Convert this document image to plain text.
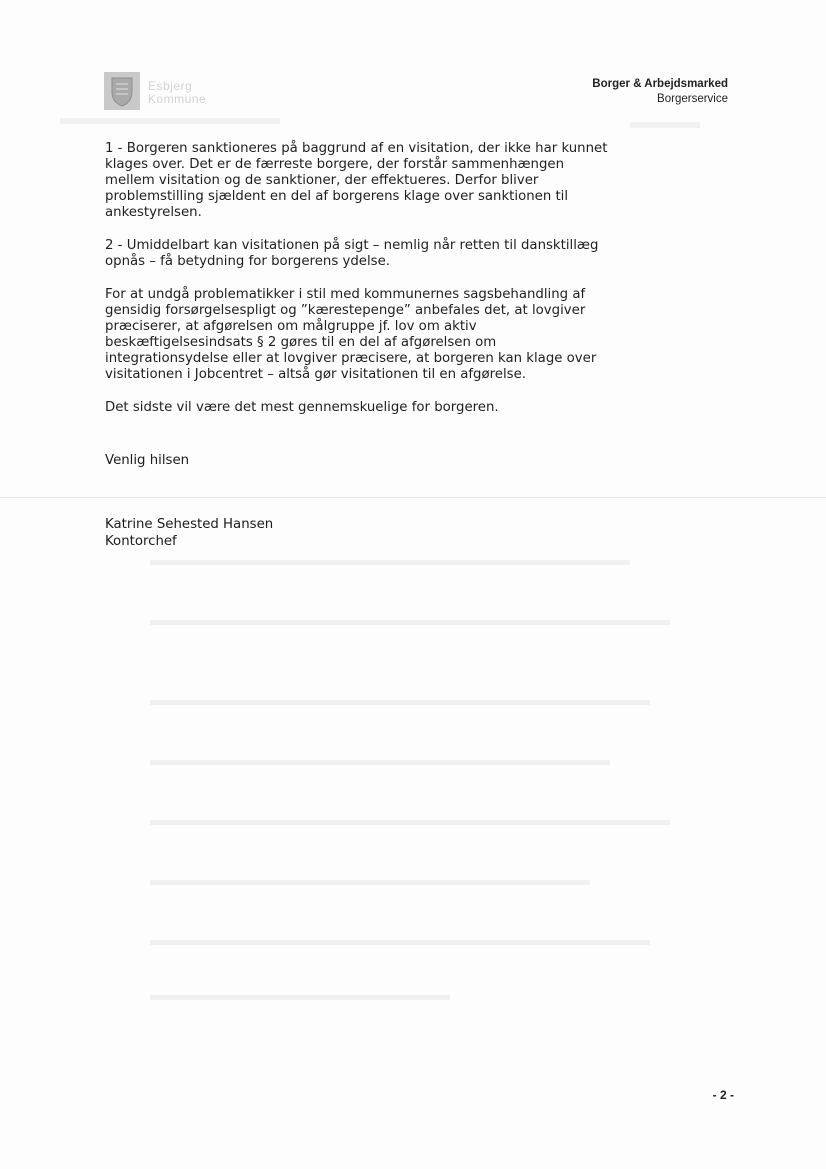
Esbjerg
Kommune
Borger & Arbejdsmarked
Borgerservice

1 - Borgeren sanktioneres på baggrund af en visitation, der ikke har kunnet klages over. Det er de færreste borgere, der forstår sammenhængen mellem visitation og de sanktioner, der effektueres. Derfor bliver problemstilling sjældent en del af borgerens klage over sanktionen til ankestyrelsen.

2 - Umiddelbart kan visitationen på sigt – nemlig når retten til dansktillæg opnås – få betydning for borgerens ydelse.

For at undgå problematikker i stil med kommunernes sagsbehandling af gensidig forsørgelsespligt og ”kærestepenge” anbefales det, at lovgiver præciserer, at afgørelsen om målgruppe jf. lov om aktiv beskæftigelsesindsats § 2 gøres til en del af afgørelsen om integrationsydelse eller at lovgiver præcisere, at borgeren kan klage over visitationen i Jobcentret – altså gør visitationen til en afgørelse.

Det sidste vil være det mest gennemskuelige for borgeren.

Venlig hilsen
Katrine Sehested Hansen
Kontorchef
- 2 -
